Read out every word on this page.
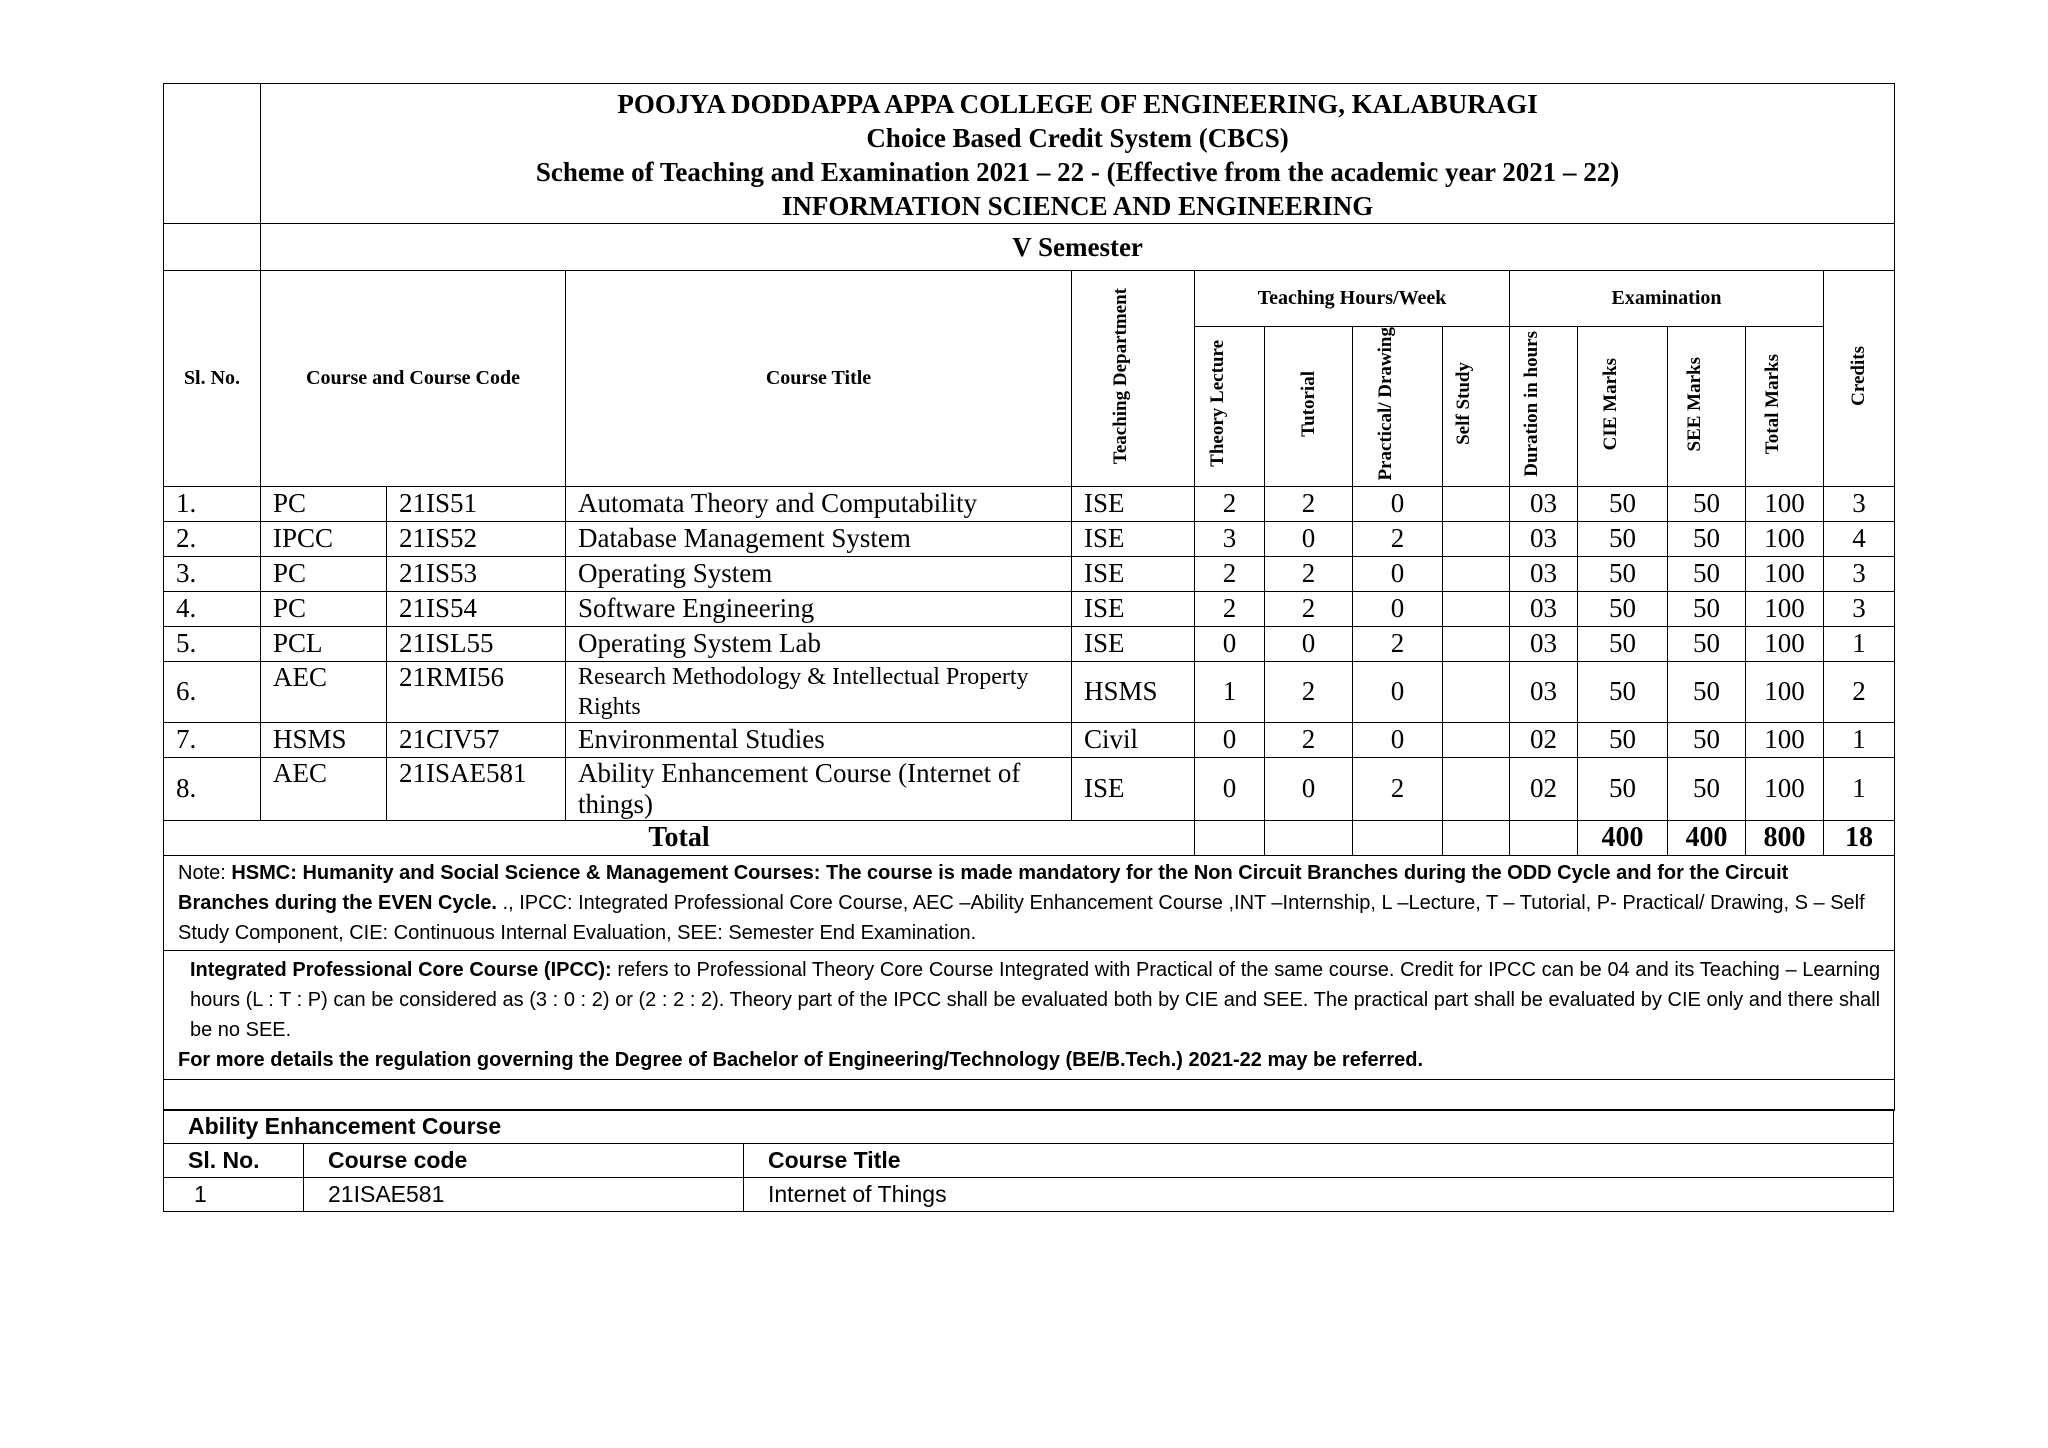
	POOJYA DODDAPPA APPA COLLEGE OF ENGINEERING, KALABURAGI
Choice Based Credit System (CBCS)
Scheme of Teaching and Examination 2021 – 22 - (Effective from the academic year 2021 – 22)
INFORMATION SCIENCE AND ENGINEERING												

	V Semester												
Sl. No.	Course and Course Code		Course Title	Teaching Department	Teaching Hours/Week				Examination				Credits
					Theory Lecture	Tutorial	Practical/ Drawing	Self Study	Duration in hours	CIE Marks	SEE Marks	Total Marks	
1.	PC	21IS51	Automata Theory and Computability	ISE	2	2	0		03	50	50	100	3
2.	IPCC	21IS52	Database Management System	ISE	3	0	2		03	50	50	100	4
3.	PC	21IS53	Operating System	ISE	2	2	0		03	50	50	100	3
4.	PC	21IS54	Software Engineering	ISE	2	2	0		03	50	50	100	3
5.	PCL	21ISL55	Operating System Lab	ISE	0	0	2		03	50	50	100	1
6.	AEC	21RMI56	Research Methodology & Intellectual Property Rights	HSMS	1	2	0		03	50	50	100	2
7.	HSMS	21CIV57	Environmental Studies	Civil	0	2	0		02	50	50	100	1
8.	AEC	21ISAE581	Ability Enhancement Course (Internet of things)	ISE	0	0	2		02	50	50	100	1
Total										400	400	800	18
Note: HSMC: Humanity and Social Science & Management Courses: The course is made mandatory for the Non Circuit Branches during the ODD Cycle and for the Circuit Branches during the EVEN Cycle. ., IPCC: Integrated Professional Core Course, AEC –Ability Enhancement Course ,INT –Internship, L –Lecture, T – Tutorial, P- Practical/ Drawing, S – Self Study Component, CIE: Continuous Internal Evaluation, SEE: Semester End Examination.													

Integrated Professional Core Course (IPCC): refers to Professional Theory Core Course Integrated with Practical of the same course. Credit for IPCC can be 04 and its Teaching – Learning hours (L : T : P) can be considered as (3 : 0 : 2) or (2 : 2 : 2). Theory part of the IPCC shall be evaluated both by CIE and SEE. The practical part shall be evaluated by CIE only and there shall be no SEE.
For more details the regulation governing the Degree of Bachelor of Engineering/Technology (BE/B.Tech.) 2021-22 may be referred.													

Ability Enhancement Course		
Sl. No.	Course code	Course Title
1	21ISAE581	Internet of Things
